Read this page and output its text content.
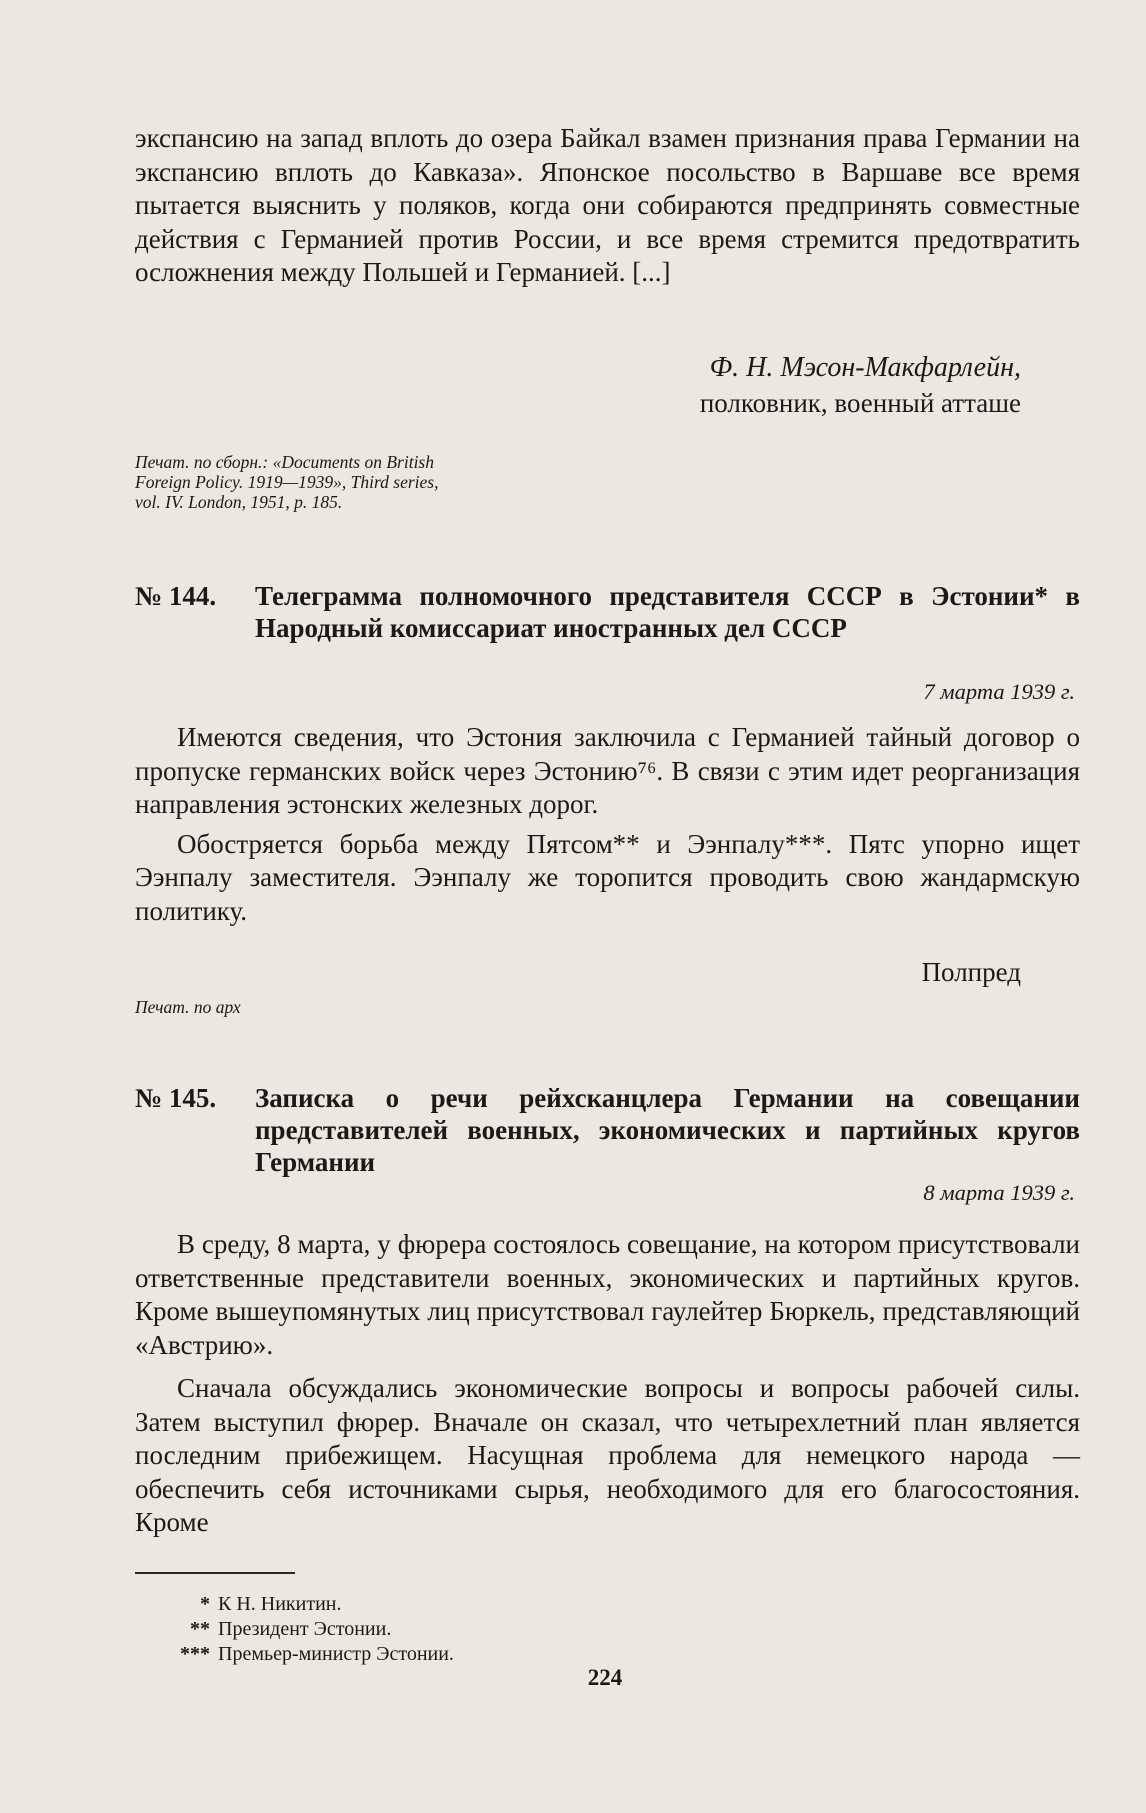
экспансию на запад вплоть до озера Байкал взамен признания права Германии на экспансию вплоть до Кавказа». Японское посольство в Варшаве все время пытается выяснить у поляков, когда они собираются предпринять совместные действия с Германией против России, и все время стремится предотвратить осложнения между Польшей и Германией. [...]

Ф. Н. Мэсон-Макфарлейн,
полковник, военный атташе
Печат. по сборн.: «Documents on British
Foreign Policy. 1919—1939», Third series,
vol. IV. London, 1951, p. 185.
№ 144.	Телеграмма полномочного представителя СССР в Эстонии* в Народный комиссариат иностранных дел СССР
7 марта 1939 г.

Имеются сведения, что Эстония заключила с Германией тайный договор о пропуске германских войск через Эстонию⁷⁶. В связи с этим идет реорганизация направления эстонских железных дорог.

Обостряется борьба между Пятсом** и Ээнпалу***. Пятс упорно ищет Ээнпалу заместителя. Ээнпалу же торопится проводить свою жандармскую политику.

Полпред
Печат. по арх
№ 145.	Записка о речи рейхсканцлера Германии на совещании представителей военных, экономических и партийных кругов Германии
8 марта 1939 г.

В среду, 8 марта, у фюрера состоялось совещание, на котором присутствовали ответственные представители военных, экономических и партийных кругов. Кроме вышеупомянутых лиц присутствовал гаулейтер Бюркель, представляющий «Австрию».

Сначала обсуждались экономические вопросы и вопросы рабочей силы. Затем выступил фюрер. Вначале он сказал, что четырехлетний план является последним прибежищем. Насущная проблема для немецкого народа — обеспечить себя источниками сырья, необходимого для его благосостояния. Кроме

* К Н. Никитин.
** Президент Эстонии.
*** Премьер-министр Эстонии.
224
